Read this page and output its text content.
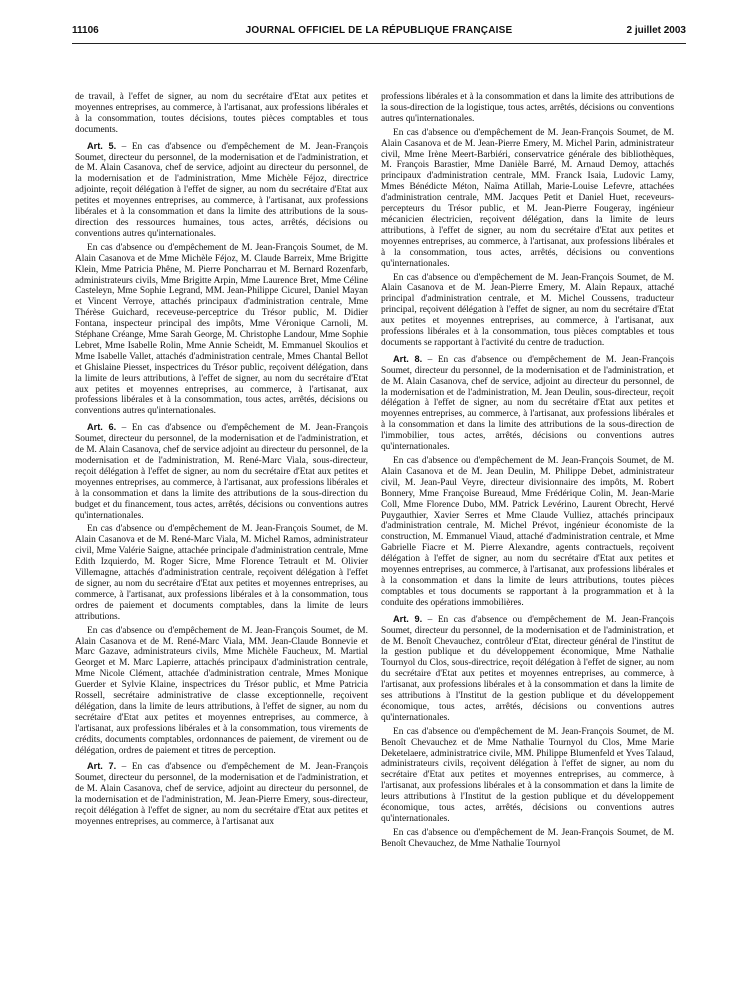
11106	JOURNAL OFFICIEL DE LA RÉPUBLIQUE FRANÇAISE	2 juillet 2003

de travail, à l'effet de signer, au nom du secrétaire d'Etat aux petites et moyennes entreprises, au commerce, à l'artisanat, aux professions libérales et à la consommation, toutes décisions, toutes pièces comptables et tous documents.

Art. 5. – En cas d'absence ou d'empêchement de M. Jean-François Soumet, directeur du personnel, de la modernisation et de l'administration, et de M. Alain Casanova, chef de service, adjoint au directeur du personnel, de la modernisation et de l'administration, Mme Michèle Féjoz, directrice adjointe, reçoit délégation à l'effet de signer, au nom du secrétaire d'Etat aux petites et moyennes entreprises, au commerce, à l'artisanat, aux professions libérales et à la consommation et dans la limite des attributions de la sous-direction des ressources humaines, tous actes, arrêtés, décisions ou conventions autres qu'internationales.

En cas d'absence ou d'empêchement de M. Jean-François Soumet, de M. Alain Casanova et de Mme Michèle Féjoz, M. Claude Barreix, Mme Brigitte Klein, Mme Patricia Phêne, M. Pierre Poncharrau et M. Bernard Rozenfarb, administrateurs civils, Mme Brigitte Arpin, Mme Laurence Bret, Mme Céline Casteleyn, Mme Sophie Legrand, MM. Jean-Philippe Cicurel, Daniel Mayan et Vincent Verroye, attachés principaux d'administration centrale, Mme Thérèse Guichard, receveuse-perceptrice du Trésor public, M. Didier Fontana, inspecteur principal des impôts, Mme Véronique Carnoli, M. Stéphane Créange, Mme Sarah George, M. Christophe Landour, Mme Sophie Lebret, Mme Isabelle Rolin, Mme Annie Scheidt, M. Emmanuel Skoulios et Mme Isabelle Vallet, attachés d'administration centrale, Mmes Chantal Bellot et Ghislaine Piesset, inspectrices du Trésor public, reçoivent délégation, dans la limite de leurs attributions, à l'effet de signer, au nom du secrétaire d'Etat aux petites et moyennes entreprises, au commerce, à l'artisanat, aux professions libérales et à la consommation, tous actes, arrêtés, décisions ou conventions autres qu'internationales.

Art. 6. – En cas d'absence ou d'empêchement de M. Jean-François Soumet, directeur du personnel, de la modernisation et de l'administration, et de M. Alain Casanova, chef de service adjoint au directeur du personnel, de la modernisation et de l'administration, M. René-Marc Viala, sous-directeur, reçoit délégation à l'effet de signer, au nom du secrétaire d'Etat aux petites et moyennes entreprises, au commerce, à l'artisanat, aux professions libérales et à la consommation et dans la limite des attributions de la sous-direction du budget et du financement, tous actes, arrêtés, décisions ou conventions autres qu'internationales.

En cas d'absence ou d'empêchement de M. Jean-François Soumet, de M. Alain Casanova et de M. René-Marc Viala, M. Michel Ramos, administrateur civil, Mme Valérie Saigne, attachée principale d'administration centrale, Mme Edith Izquierdo, M. Roger Sicre, Mme Florence Tetrault et M. Olivier Villemagne, attachés d'administration centrale, reçoivent délégation à l'effet de signer, au nom du secrétaire d'Etat aux petites et moyennes entreprises, au commerce, à l'artisanat, aux professions libérales et à la consommation, tous ordres de paiement et documents comptables, dans la limite de leurs attributions.

En cas d'absence ou d'empêchement de M. Jean-François Soumet, de M. Alain Casanova et de M. René-Marc Viala, MM. Jean-Claude Bonnevie et Marc Gazave, administrateurs civils, Mme Michèle Faucheux, M. Martial Georget et M. Marc Lapierre, attachés principaux d'administration centrale, Mme Nicole Clément, attachée d'administration centrale, Mmes Monique Guerder et Sylvie Klaine, inspectrices du Trésor public, et Mme Patricia Rossell, secrétaire administrative de classe exceptionnelle, reçoivent délégation, dans la limite de leurs attributions, à l'effet de signer, au nom du secrétaire d'Etat aux petites et moyennes entreprises, au commerce, à l'artisanat, aux professions libérales et à la consommation, tous virements de crédits, documents comptables, ordonnances de paiement, de virement ou de délégation, ordres de paiement et titres de perception.

Art. 7. – En cas d'absence ou d'empêchement de M. Jean-François Soumet, directeur du personnel, de la modernisation et de l'administration, et de M. Alain Casanova, chef de service, adjoint au directeur du personnel, de la modernisation et de l'administration, M. Jean-Pierre Emery, sous-directeur, reçoit délégation à l'effet de signer, au nom du secrétaire d'Etat aux petites et moyennes entreprises, au commerce, à l'artisanat aux

professions libérales et à la consommation et dans la limite des attributions de la sous-direction de la logistique, tous actes, arrêtés, décisions ou conventions autres qu'internationales.

En cas d'absence ou d'empêchement de M. Jean-François Soumet, de M. Alain Casanova et de M. Jean-Pierre Emery, M. Michel Parin, administrateur civil, Mme Irène Meert-Barbiéri, conservatrice générale des bibliothèques, M. François Barastier, Mme Danièle Barré, M. Arnaud Demoy, attachés principaux d'administration centrale, MM. Franck Isaia, Ludovic Lamy, Mmes Bénédicte Méton, Naïma Atillah, Marie-Louise Lefevre, attachées d'administration centrale, MM. Jacques Petit et Daniel Huet, receveurs-percepteurs du Trésor public, et M. Jean-Pierre Fougeray, ingénieur mécanicien électricien, reçoivent délégation, dans la limite de leurs attributions, à l'effet de signer, au nom du secrétaire d'Etat aux petites et moyennes entreprises, au commerce, à l'artisanat, aux professions libérales et à la consommation, tous actes, arrêtés, décisions ou conventions qu'internationales.

En cas d'absence ou d'empêchement de M. Jean-François Soumet, de M. Alain Casanova et de M. Jean-Pierre Emery, M. Alain Repaux, attaché principal d'administration centrale, et M. Michel Coussens, traducteur principal, reçoivent délégation à l'effet de signer, au nom du secrétaire d'Etat aux petites et moyennes entreprises, au commerce, à l'artisanat, aux professions libérales et à la consommation, tous pièces comptables et tous documents se rapportant à l'activité du centre de traduction.

Art. 8. – En cas d'absence ou d'empêchement de M. Jean-François Soumet, directeur du personnel, de la modernisation et de l'administration, et de M. Alain Casanova, chef de service, adjoint au directeur du personnel, de la modernisation et de l'administration, M. Jean Deulin, sous-directeur, reçoit délégation à l'effet de signer, au nom du secrétaire d'Etat aux petites et moyennes entreprises, au commerce, à l'artisanat, aux professions libérales et à la consommation et dans la limite des attributions de la sous-direction de l'immobilier, tous actes, arrêtés, décisions ou conventions autres qu'internationales.

En cas d'absence ou d'empêchement de M. Jean-François Soumet, de M. Alain Casanova et de M. Jean Deulin, M. Philippe Debet, administrateur civil, M. Jean-Paul Veyre, directeur divisionnaire des impôts, M. Robert Bonnery, Mme Françoise Bureaud, Mme Frédérique Colin, M. Jean-Marie Coll, Mme Florence Dubo, MM. Patrick Levérino, Laurent Obrecht, Hervé Puygauthier, Xavier Serres et Mme Claude Vulliez, attachés principaux d'administration centrale, M. Michel Prévot, ingénieur économiste de la construction, M. Emmanuel Viaud, attaché d'administration centrale, et Mme Gabrielle Fiacre et M. Pierre Alexandre, agents contractuels, reçoivent délégation à l'effet de signer, au nom du secrétaire d'Etat aux petites et moyennes entreprises, au commerce, à l'artisanat, aux professions libérales et à la consommation et dans la limite de leurs attributions, toutes pièces comptables et tous documents se rapportant à la programmation et à la conduite des opérations immobilières.

Art. 9. – En cas d'absence ou d'empêchement de M. Jean-François Soumet, directeur du personnel, de la modernisation et de l'administration, et de M. Benoît Chevauchez, contrôleur d'Etat, directeur général de l'institut de la gestion publique et du développement économique, Mme Nathalie Tournyol du Clos, sous-directrice, reçoit délégation à l'effet de signer, au nom du secrétaire d'Etat aux petites et moyennes entreprises, au commerce, à l'artisanat, aux professions libérales et à la consommation et dans la limite de ses attributions à l'Institut de la gestion publique et du développement économique, tous actes, arrêtés, décisions ou conventions autres qu'internationales.

En cas d'absence ou d'empêchement de M. Jean-François Soumet, de M. Benoît Chevauchez et de Mme Nathalie Tournyol du Clos, Mme Marie Deketelaere, administratrice civile, MM. Philippe Blumenfeld et Yves Talaud, administrateurs civils, reçoivent délégation à l'effet de signer, au nom du secrétaire d'Etat aux petites et moyennes entreprises, au commerce, à l'artisanat, aux professions libérales et à la consommation et dans la limite de leurs attributions à l'Institut de la gestion publique et du développement économique, tous actes, arrêtés, décisions ou conventions autres qu'internationales.

En cas d'absence ou d'empêchement de M. Jean-François Soumet, de M. Benoît Chevauchez, de Mme Nathalie Tournyol
